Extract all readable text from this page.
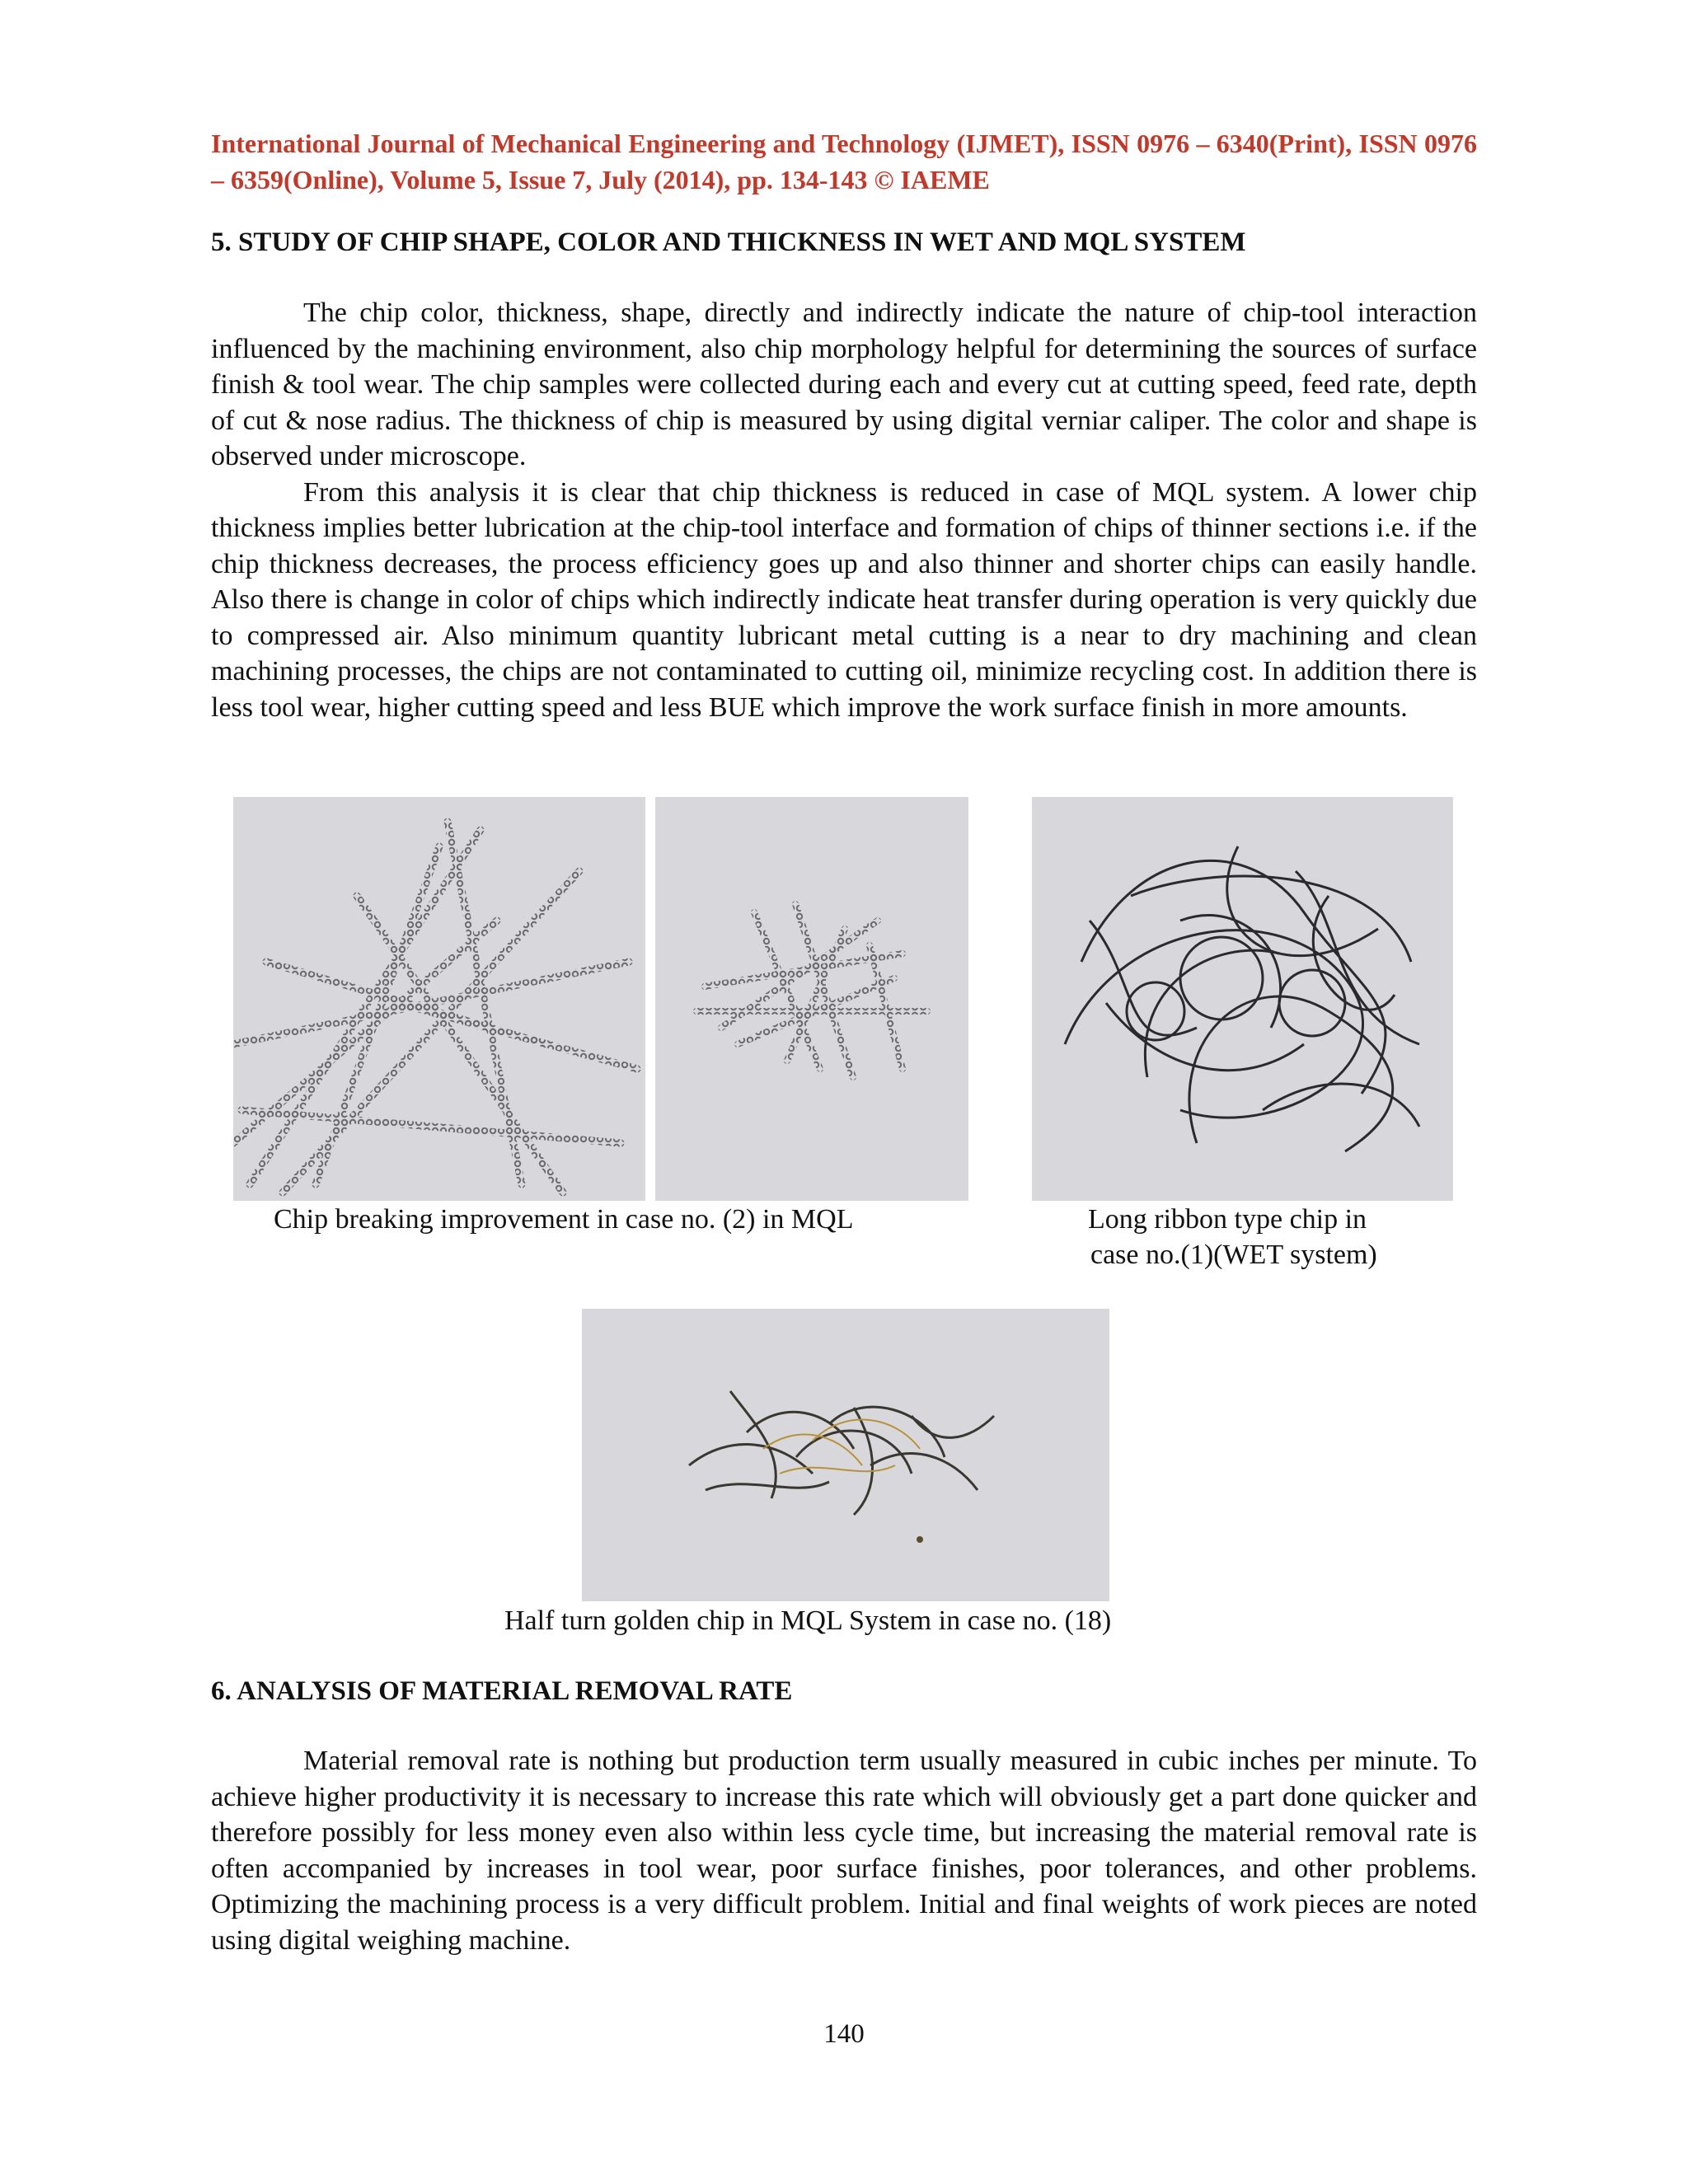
International Journal of Mechanical Engineering and Technology (IJMET), ISSN 0976 – 6340(Print), ISSN 0976 – 6359(Online), Volume 5, Issue 7, July (2014), pp. 134-143 © IAEME
5. STUDY OF CHIP SHAPE, COLOR AND THICKNESS IN WET AND MQL SYSTEM

The chip color, thickness, shape, directly and indirectly indicate the nature of chip-tool interaction influenced by the machining environment, also chip morphology helpful for determining the sources of surface finish & tool wear. The chip samples were collected during each and every cut at cutting speed, feed rate, depth of cut & nose radius. The thickness of chip is measured by using digital verniar caliper. The color and shape is observed under microscope.

From this analysis it is clear that chip thickness is reduced in case of MQL system. A lower chip thickness implies better lubrication at the chip-tool interface and formation of chips of thinner sections i.e. if the chip thickness decreases, the process efficiency goes up and also thinner and shorter chips can easily handle. Also there is change in color of chips which indirectly indicate heat transfer during operation is very quickly due to compressed air. Also minimum quantity lubricant metal cutting is a near to dry machining and clean machining processes, the chips are not contaminated to cutting oil, minimize recycling cost. In addition there is less tool wear, higher cutting speed and less BUE which improve the work surface finish in more amounts.

Chip breaking improvement in case no. (2) in MQL	Long ribbon type chip in
case no.(1)(WET system)
Half turn golden chip in MQL System in case no. (18)
6. ANALYSIS OF MATERIAL REMOVAL RATE

Material removal rate is nothing but production term usually measured in cubic inches per minute. To achieve higher productivity it is necessary to increase this rate which will obviously get a part done quicker and therefore possibly for less money even also within less cycle time, but increasing the material removal rate is often accompanied by increases in tool wear, poor surface finishes, poor tolerances, and other problems. Optimizing the machining process is a very difficult problem. Initial and final weights of work pieces are noted using digital weighing machine.

140
